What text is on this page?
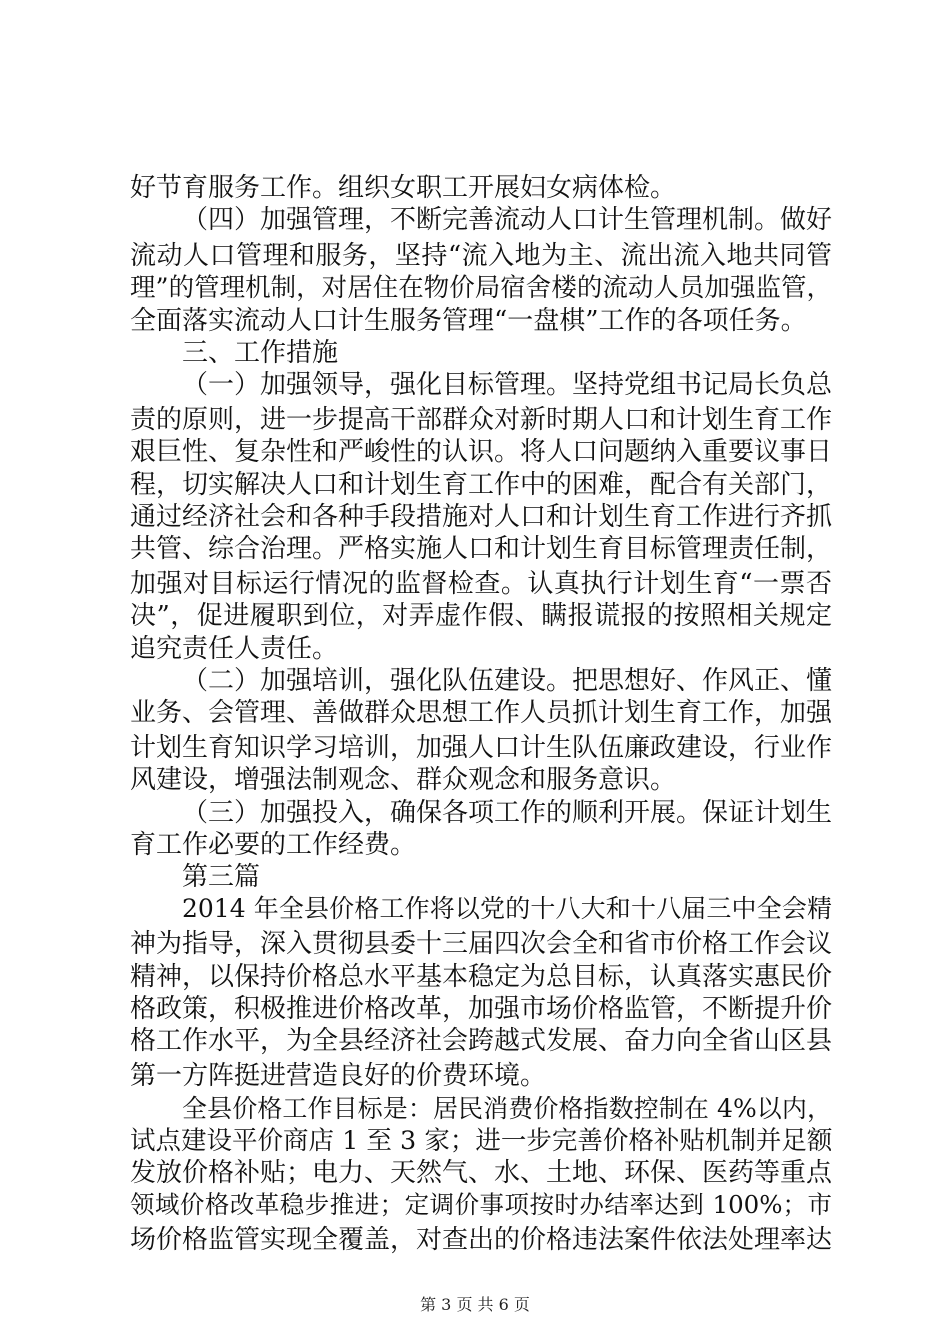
好节育服务工作。组织女职工开展妇女病体检。
（四）加强管理，不断完善流动人口计生管理机制。做好
流动人口管理和服务，坚持“流入地为主、流出流入地共同管
理”的管理机制，对居住在物价局宿舍楼的流动人员加强监管，
全面落实流动人口计生服务管理“一盘棋”工作的各项任务。
三、工作措施
（一）加强领导，强化目标管理。坚持党组书记局长负总
责的原则，进一步提高干部群众对新时期人口和计划生育工作
艰巨性、复杂性和严峻性的认识。将人口问题纳入重要议事日
程，切实解决人口和计划生育工作中的困难，配合有关部门，
通过经济社会和各种手段措施对人口和计划生育工作进行齐抓
共管、综合治理。严格实施人口和计划生育目标管理责任制，
加强对目标运行情况的监督检查。认真执行计划生育“一票否
决”，促进履职到位，对弄虚作假、瞒报谎报的按照相关规定
追究责任人责任。
（二）加强培训，强化队伍建设。把思想好、作风正、懂
业务、会管理、善做群众思想工作人员抓计划生育工作，加强
计划生育知识学习培训，加强人口计生队伍廉政建设，行业作
风建设，增强法制观念、群众观念和服务意识。
（三）加强投入，确保各项工作的顺利开展。保证计划生
育工作必要的工作经费。
第三篇
2014 年全县价格工作将以党的十八大和十八届三中全会精
神为指导，深入贯彻县委十三届四次会全和省市价格工作会议
精神，以保持价格总水平基本稳定为总目标，认真落实惠民价
格政策，积极推进价格改革，加强市场价格监管，不断提升价
格工作水平，为全县经济社会跨越式发展、奋力向全省山区县
第一方阵挺进营造良好的价费环境。
全县价格工作目标是：居民消费价格指数控制在 4%以内，
试点建设平价商店 1 至 3 家；进一步完善价格补贴机制并足额
发放价格补贴；电力、天然气、水、土地、环保、医药等重点
领域价格改革稳步推进；定调价事项按时办结率达到 100%；市
场价格监管实现全覆盖，对查出的价格违法案件依法处理率达
第 3 页 共 6 页
